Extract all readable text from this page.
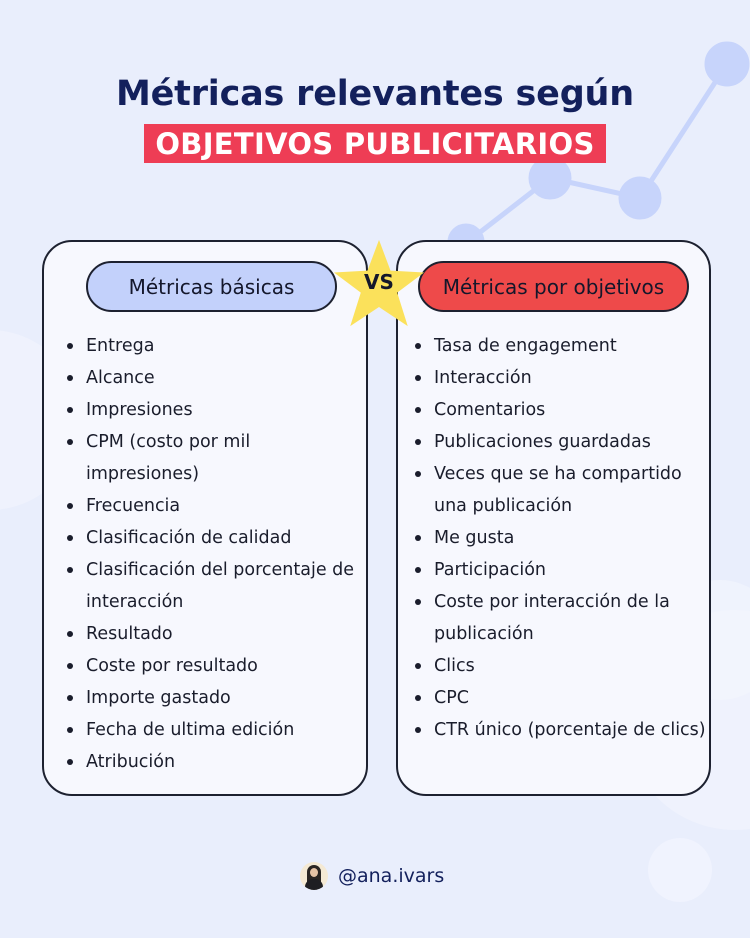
Métricas relevantes según
OBJETIVOS PUBLICITARIOS
Métricas básicas	Métricas por objetivos
VS
Entrega
Alcance
Impresiones
CPM (costo por mil impresiones)
Frecuencia
Clasificación de calidad
Clasificación del porcentaje de interacción
Resultado
Coste por resultado
Importe gastado
Fecha de ultima edición
Atribución
Tasa de engagement
Interacción
Comentarios
Publicaciones guardadas
Veces que se ha compartido una publicación
Me gusta
Participación
Coste por interacción de la publicación
Clics
CPC
CTR único (porcentaje de clics)
@ana.ivars
